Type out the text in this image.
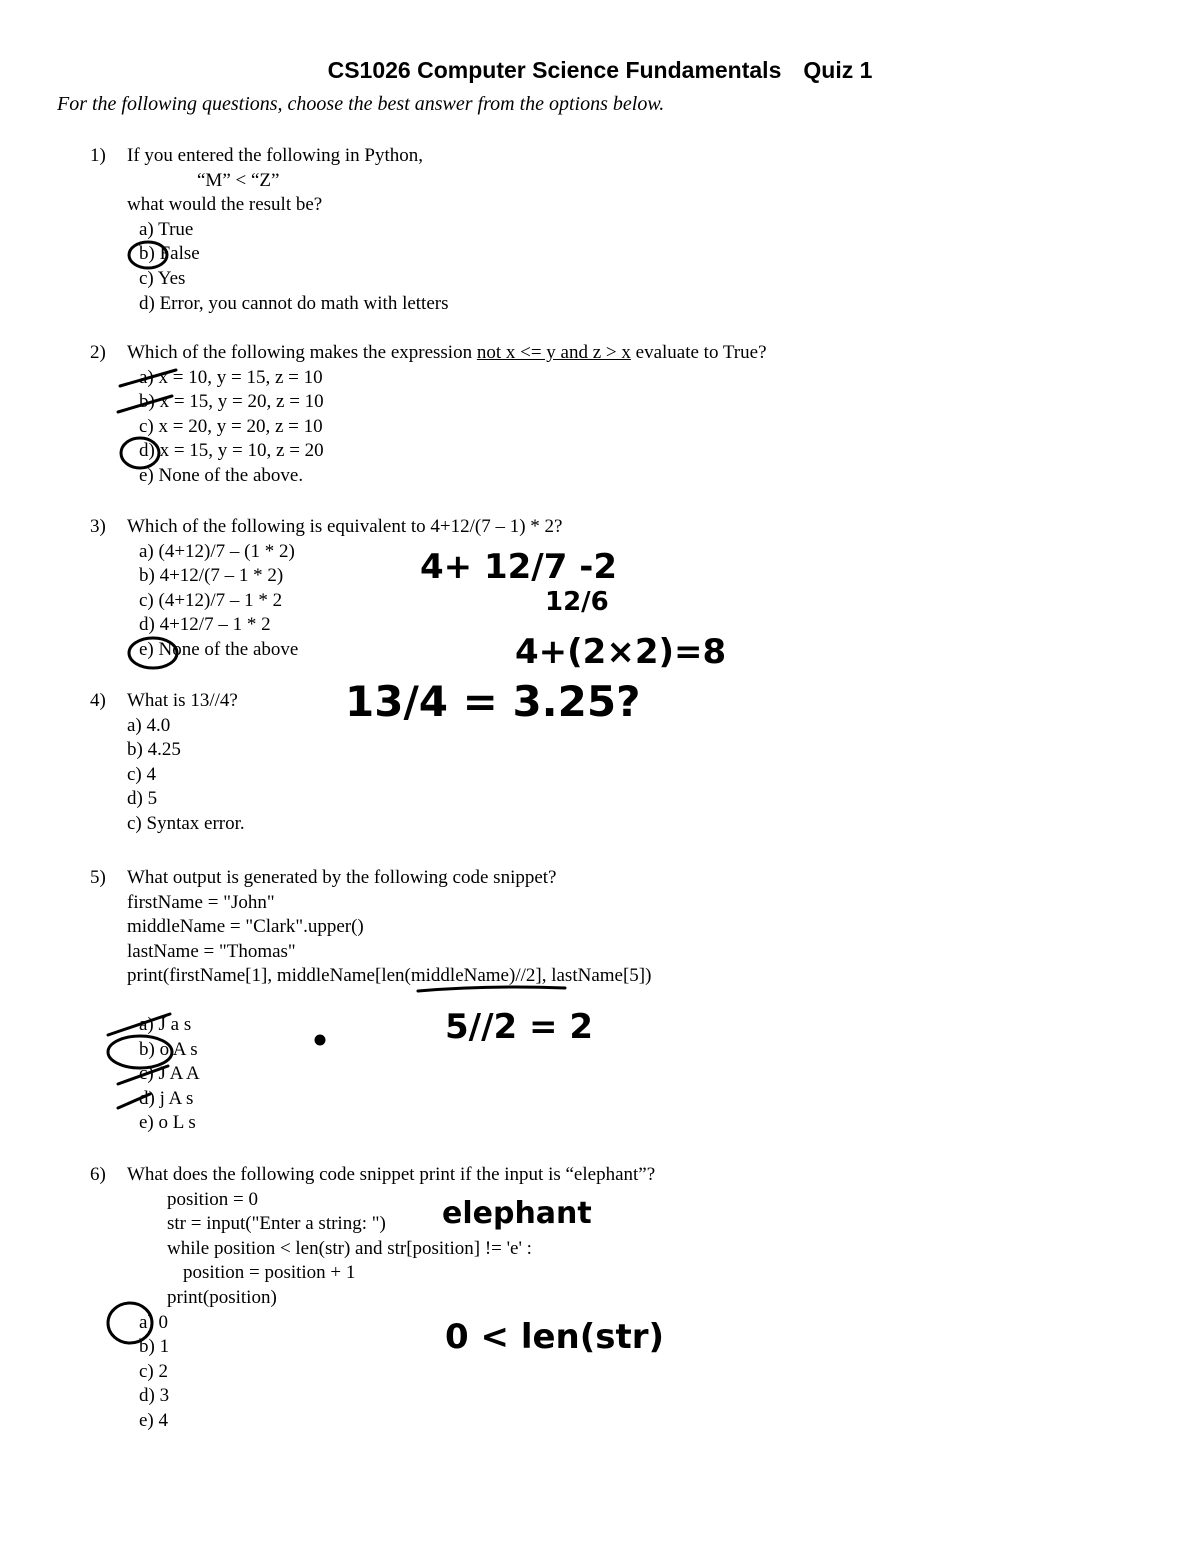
CS1026 Computer Science Fundamentals Quiz 1
For the following questions, choose the best answer from the options below.
1) If you entered the following in Python,
“M” < “Z”
what would the result be?
a) True
b) False
c) Yes
d) Error, you cannot do math with letters
2) Which of the following makes the expression not x <= y and z > x evaluate to True?
a) x = 10, y = 15, z = 10
b) x = 15, y = 20, z = 10
c) x = 20, y = 20, z = 10
d) x = 15, y = 10, z = 20
e) None of the above.
3) Which of the following is equivalent to 4+12/(7 – 1) * 2?
a) (4+12)/7 – (1 * 2)
b) 4+12/(7 – 1 * 2)
c) (4+12)/7 – 1 * 2
d) 4+12/7 – 1 * 2
e) None of the above
4) What is 13//4?
a) 4.0
b) 4.25
c) 4
d) 5
c) Syntax error.
5) What output is generated by the following code snippet?
firstName = "John"
middleName = "Clark".upper()
lastName = "Thomas"
print(firstName[1], middleName[len(middleName)//2], lastName[5])
a) J a s
b) o A s
c) J A A
d) j A s
e) o L s
6) What does the following code snippet print if the input is “elephant”?
position = 0
str = input("Enter a string: ")
while position < len(str) and str[position] != 'e' :
position = position + 1
print(position)
a) 0
b) 1
c) 2
d) 3
e) 4
4+ 12/7 -2
12/6
4+(2×2)=8
13/4 = 3.25?
5//2 = 2
elephant
0 < len(str)
